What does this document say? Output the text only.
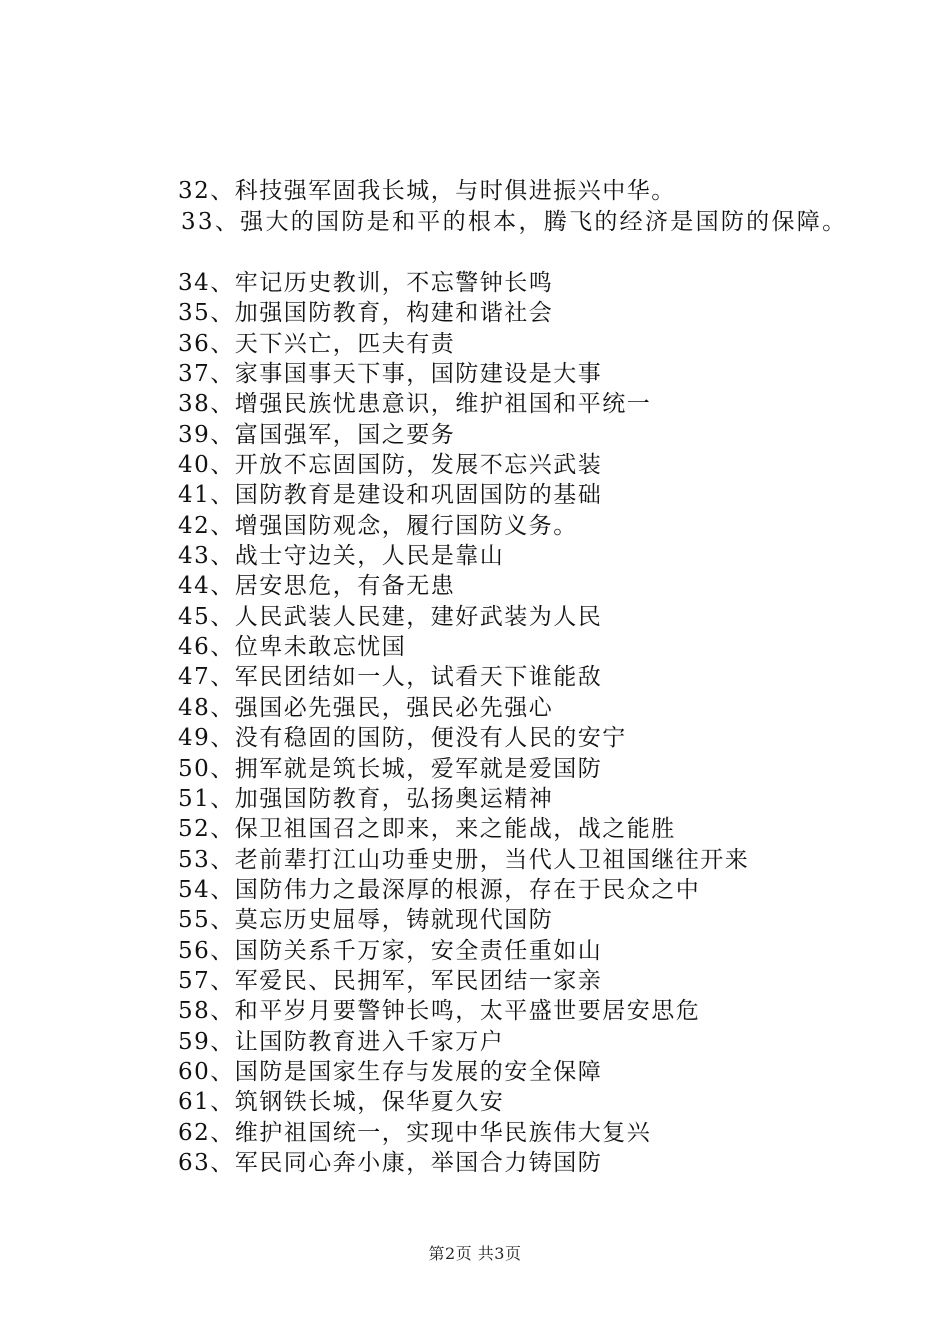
32、科技强军固我长城，与时俱进振兴中华。
33、强大的国防是和平的根本，腾飞的经济是国防的保障。
34、牢记历史教训，不忘警钟长鸣
35、加强国防教育，构建和谐社会
36、天下兴亡，匹夫有责
37、家事国事天下事，国防建设是大事
38、增强民族忧患意识，维护祖国和平统一
39、富国强军，国之要务
40、开放不忘固国防，发展不忘兴武装
41、国防教育是建设和巩固国防的基础
42、增强国防观念，履行国防义务。
43、战士守边关，人民是靠山
44、居安思危，有备无患
45、人民武装人民建，建好武装为人民
46、位卑未敢忘忧国
47、军民团结如一人，试看天下谁能敌
48、强国必先强民，强民必先强心
49、没有稳固的国防，便没有人民的安宁
50、拥军就是筑长城，爱军就是爱国防
51、加强国防教育，弘扬奥运精神
52、保卫祖国召之即来，来之能战，战之能胜
53、老前辈打江山功垂史册，当代人卫祖国继往开来
54、国防伟力之最深厚的根源，存在于民众之中
55、莫忘历史屈辱，铸就现代国防
56、国防关系千万家，安全责任重如山
57、军爱民、民拥军，军民团结一家亲
58、和平岁月要警钟长鸣，太平盛世要居安思危
59、让国防教育进入千家万户
60、国防是国家生存与发展的安全保障
61、筑钢铁长城，保华夏久安
62、维护祖国统一，实现中华民族伟大复兴
63、军民同心奔小康，举国合力铸国防
第2页 共3页
